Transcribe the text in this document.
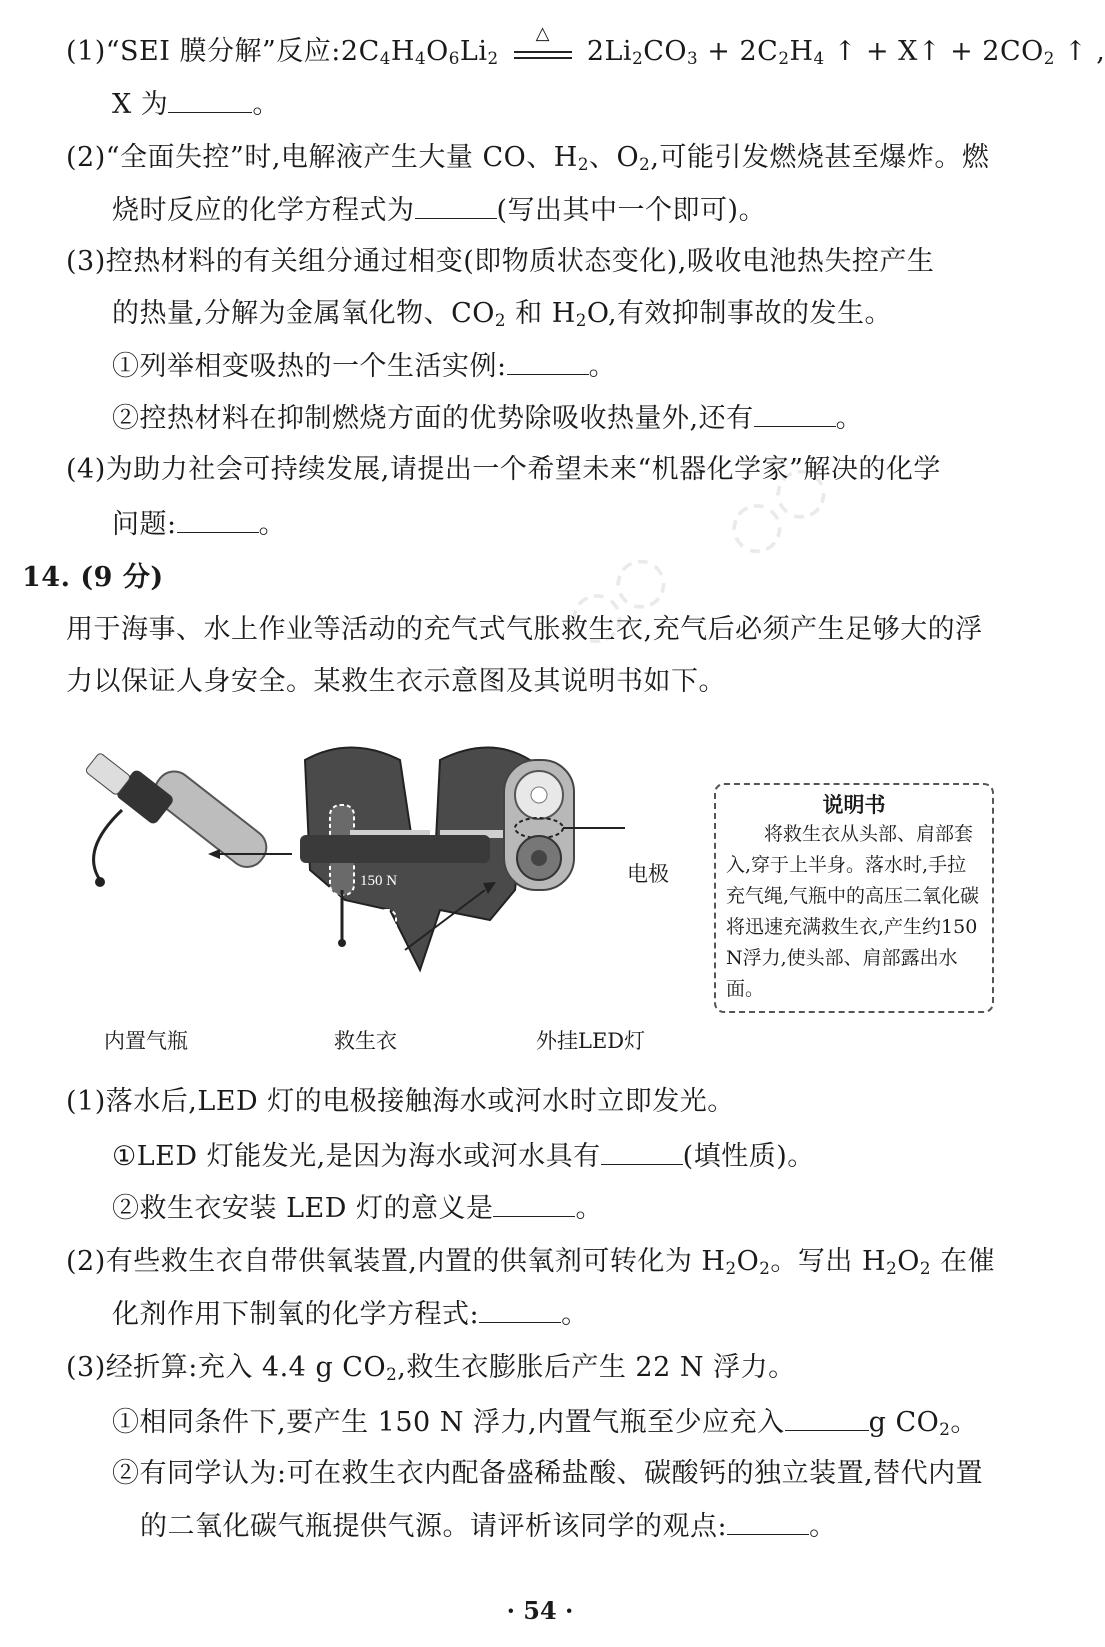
◌◌
◌◌
(1)“SEI 膜分解”反应$:2C_4H_4O_6Li_2$
△
$2Li_2CO_3 + 2C_2H_4$ ↑ + X↑ + $2CO_2$ ↑ ,
X 为	。
(2)“全面失控”时,电解液产生大量 CO、$H_2$、$O_2$,可能引发燃烧甚至爆炸。燃
烧时反应的化学方程式为	(写出其中一个即可)。
(3)控热材料的有关组分通过相变(即物质状态变化),吸收电池热失控产生
的热量,分解为金属氧化物、$CO_2$ 和 $H_2O$,有效抑制事故的发生。
①列举相变吸热的一个生活实例:	。
②控热材料在抑制燃烧方面的优势除吸收热量外,还有	。
(4)为助力社会可持续发展,请提出一个希望未来“机器化学家”解决的化学
问题:	。
14. (9 分)
用于海事、水上作业等活动的充气式气胀救生衣,充气后必须产生足够大的浮
力以保证人身安全。某救生衣示意图及其说明书如下。
150 N	电极
说明书
将救生衣从头部、肩部套入,穿于上半身。落水时,手拉充气绳,气瓶中的高压二氧化碳将迅速充满救生衣,产生约150 N浮力,使头部、肩部露出水面。
内置气瓶	救生衣	外挂LED灯
(1)落水后,LED 灯的电极接触海水或河水时立即发光。
①LED 灯能发光,是因为海水或河水具有	(填性质)。
②救生衣安装 LED 灯的意义是	。
(2)有些救生衣自带供氧装置,内置的供氧剂可转化为 $H_2O_2$。写出 $H_2O_2$ 在催
化剂作用下制氧的化学方程式:	。
(3)经折算:充入 4.4 g $CO_2$,救生衣膨胀后产生 22 N 浮力。
①相同条件下,要产生 150 N 浮力,内置气瓶至少应充入	g $CO_2$。
②有同学认为:可在救生衣内配备盛稀盐酸、碳酸钙的独立装置,替代内置
的二氧化碳气瓶提供气源。请评析该同学的观点:	。
· 54 ·
